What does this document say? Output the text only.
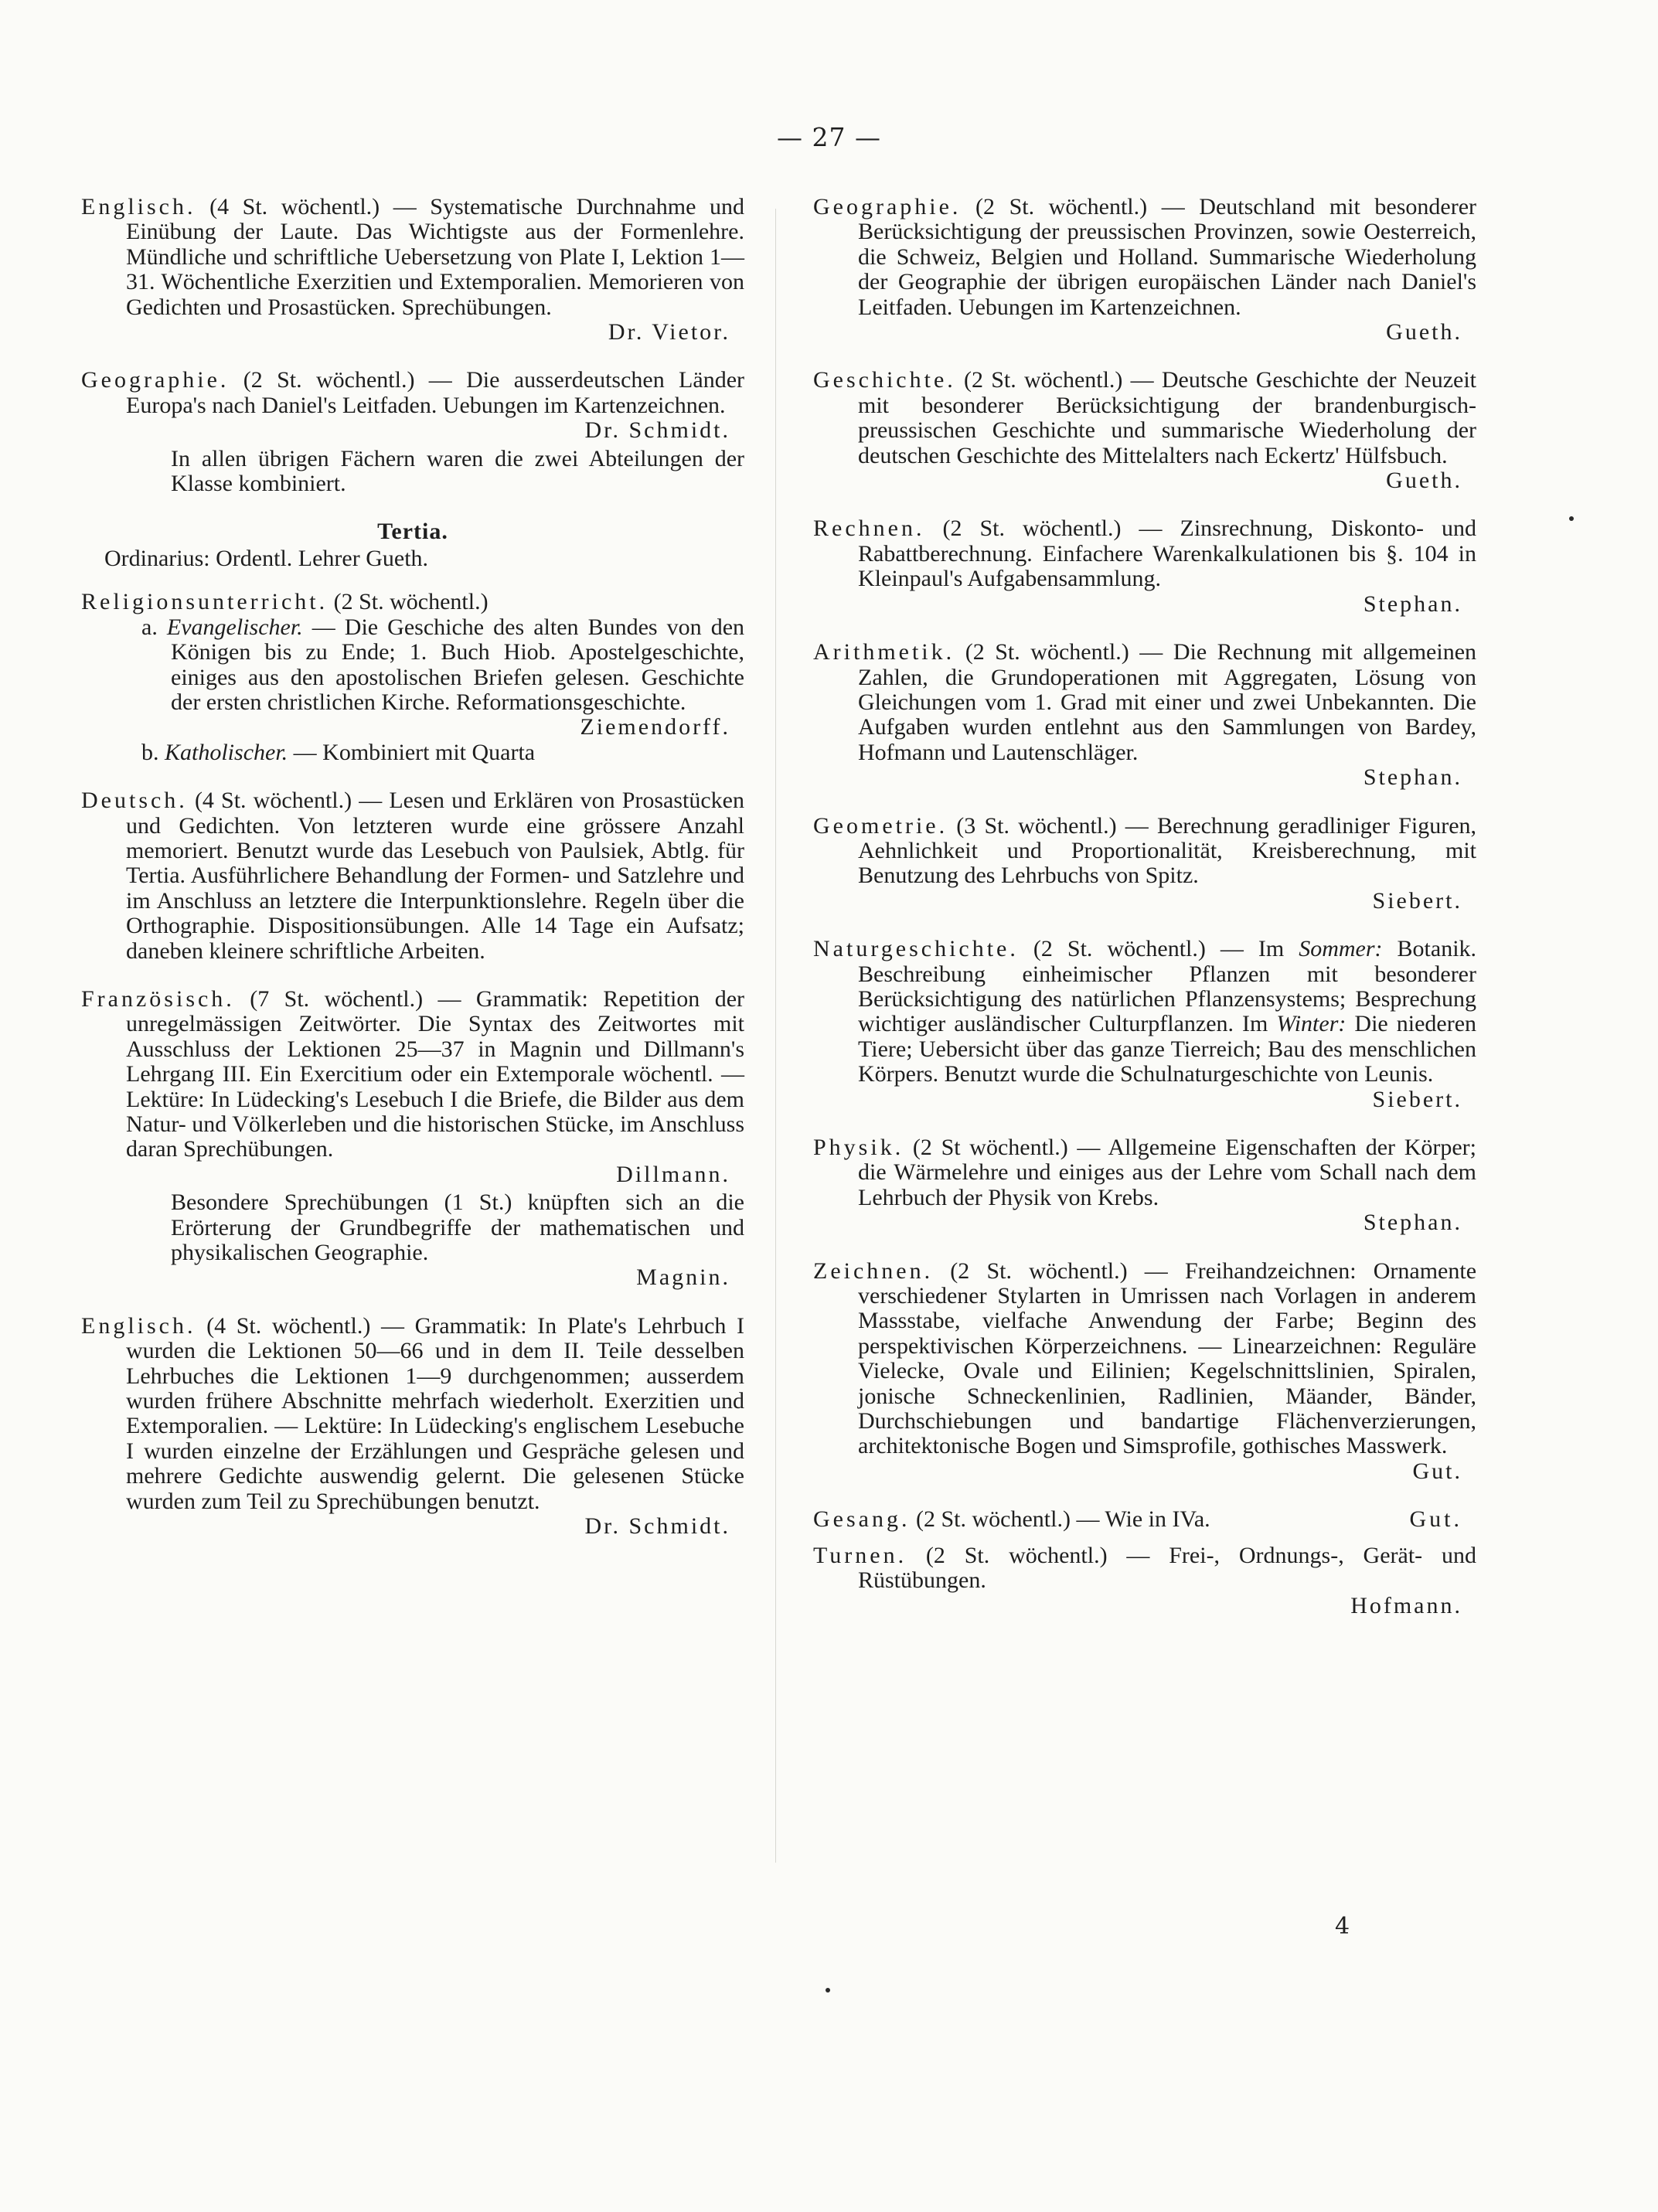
— 27 —

Englisch. (4 St. wöchentl.) — Systematische Durchnahme und Einübung der Laute. Das Wichtigste aus der Formenlehre. Mündliche und schriftliche Uebersetzung von Plate I, Lektion 1—31. Wöchentliche Exerzitien und Extemporalien. Memorieren von Gedichten und Prosastücken. Sprechübungen.

Dr. Vietor.

Geographie. (2 St. wöchentl.) — Die ausserdeutschen Länder Europa's nach Daniel's Leitfaden. Uebungen im Kartenzeichnen.

Dr. Schmidt.

In allen übrigen Fächern waren die zwei Abteilungen der Klasse kombiniert.

Tertia.

Ordinarius: Ordentl. Lehrer Gueth.

Religionsunterricht. (2 St. wöchentl.)

a. Evangelischer. — Die Geschiche des alten Bundes von den Königen bis zu Ende; 1. Buch Hiob. Apostelgeschichte, einiges aus den apostolischen Briefen gelesen. Geschichte der ersten christlichen Kirche. Reformationsgeschichte.

Ziemendorff.

b. Katholischer. — Kombiniert mit Quarta

Deutsch. (4 St. wöchentl.) — Lesen und Erklären von Prosastücken und Gedichten. Von letzteren wurde eine grössere Anzahl memoriert. Benutzt wurde das Lesebuch von Paulsiek, Abtlg. für Tertia. Ausführlichere Behandlung der Formen- und Satzlehre und im Anschluss an letztere die Interpunktionslehre. Regeln über die Orthographie. Dispositionsübungen. Alle 14 Tage ein Aufsatz; daneben kleinere schriftliche Arbeiten.

Französisch. (7 St. wöchentl.) — Grammatik: Repetition der unregelmässigen Zeitwörter. Die Syntax des Zeitwortes mit Ausschluss der Lektionen 25—37 in Magnin und Dillmann's Lehrgang III. Ein Exercitium oder ein Extemporale wöchentl. — Lektüre: In Lüdecking's Lesebuch I die Briefe, die Bilder aus dem Natur- und Völkerleben und die historischen Stücke, im Anschluss daran Sprechübungen.

Dillmann.

Besondere Sprechübungen (1 St.) knüpften sich an die Erörterung der Grundbegriffe der mathematischen und physikalischen Geographie.

Magnin.

Englisch. (4 St. wöchentl.) — Grammatik: In Plate's Lehrbuch I wurden die Lektionen 50—66 und in dem II. Teile desselben Lehrbuches die Lektionen 1—9 durchgenommen; ausserdem wurden frühere Abschnitte mehrfach wiederholt. Exerzitien und Extemporalien. — Lektüre: In Lüdecking's englischem Lesebuche I wurden einzelne der Erzählungen und Gespräche gelesen und mehrere Gedichte auswendig gelernt. Die gelesenen Stücke wurden zum Teil zu Sprechübungen benutzt.

Dr. Schmidt.

Geographie. (2 St. wöchentl.) — Deutschland mit besonderer Berücksichtigung der preussischen Provinzen, sowie Oesterreich, die Schweiz, Belgien und Holland. Summarische Wiederholung der Geographie der übrigen europäischen Länder nach Daniel's Leitfaden. Uebungen im Kartenzeichnen.

Gueth.

Geschichte. (2 St. wöchentl.) — Deutsche Geschichte der Neuzeit mit besonderer Berücksichtigung der brandenburgisch-preussischen Geschichte und summarische Wiederholung der deutschen Geschichte des Mittelalters nach Eckertz' Hülfsbuch.

Gueth.

Rechnen. (2 St. wöchentl.) — Zinsrechnung, Diskonto- und Rabattberechnung. Einfachere Warenkalkulationen bis §. 104 in Kleinpaul's Aufgabensammlung.

Stephan.

Arithmetik. (2 St. wöchentl.) — Die Rechnung mit allgemeinen Zahlen, die Grundoperationen mit Aggregaten, Lösung von Gleichungen vom 1. Grad mit einer und zwei Unbekannten. Die Aufgaben wurden entlehnt aus den Sammlungen von Bardey, Hofmann und Lautenschläger.

Stephan.

Geometrie. (3 St. wöchentl.) — Berechnung geradliniger Figuren, Aehnlichkeit und Proportionalität, Kreisberechnung, mit Benutzung des Lehrbuchs von Spitz.

Siebert.

Naturgeschichte. (2 St. wöchentl.) — Im Sommer: Botanik. Beschreibung einheimischer Pflanzen mit besonderer Berücksichtigung des natürlichen Pflanzensystems; Besprechung wichtiger ausländischer Culturpflanzen. Im Winter: Die niederen Tiere; Uebersicht über das ganze Tierreich; Bau des menschlichen Körpers. Benutzt wurde die Schulnaturgeschichte von Leunis.

Siebert.

Physik. (2 St wöchentl.) — Allgemeine Eigenschaften der Körper; die Wärmelehre und einiges aus der Lehre vom Schall nach dem Lehrbuch der Physik von Krebs.

Stephan.

Zeichnen. (2 St. wöchentl.) — Freihandzeichnen: Ornamente verschiedener Stylarten in Umrissen nach Vorlagen in anderem Massstabe, vielfache Anwendung der Farbe; Beginn des perspektivischen Körperzeichnens. — Linearzeichnen: Reguläre Vielecke, Ovale und Eilinien; Kegelschnittslinien, Spiralen, jonische Schneckenlinien, Radlinien, Mäander, Bänder, Durchschiebungen und bandartige Flächenverzierungen, architektonische Bogen und Simsprofile, gothisches Masswerk.

Gut.

Gesang. (2 St. wöchentl.) — Wie in IVa.	Gut.

Turnen. (2 St. wöchentl.) — Frei-, Ordnungs-, Gerät- und Rüstübungen.

Hofmann.

4
